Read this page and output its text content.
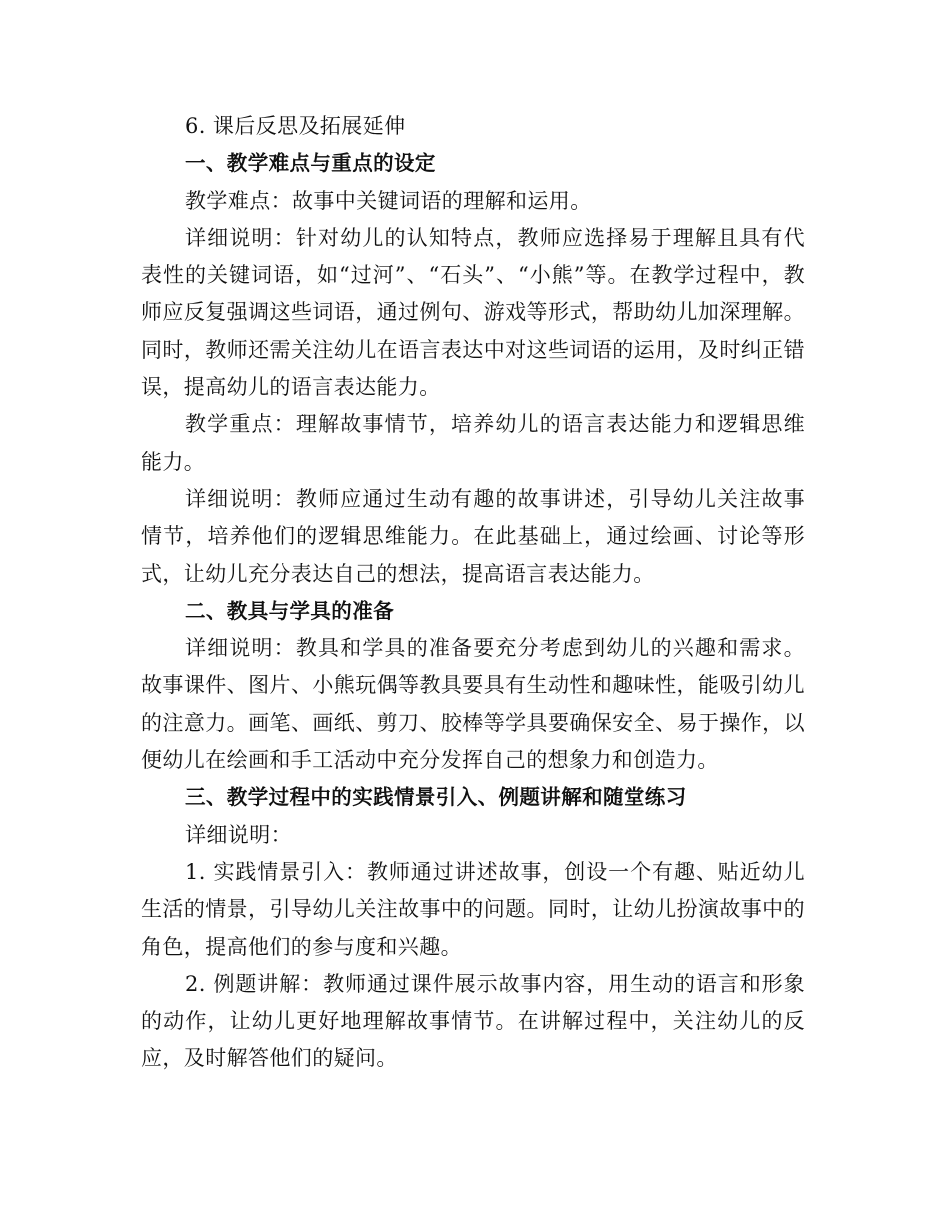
6. 课后反思及拓展延伸

一、教学难点与重点的设定

教学难点：故事中关键词语的理解和运用。

详细说明：针对幼儿的认知特点，教师应选择易于理解且具有代表性的关键词语，如“过河”、“石头”、“小熊”等。在教学过程中，教师应反复强调这些词语，通过例句、游戏等形式，帮助幼儿加深理解。同时，教师还需关注幼儿在语言表达中对这些词语的运用，及时纠正错误，提高幼儿的语言表达能力。

教学重点：理解故事情节，培养幼儿的语言表达能力和逻辑思维能力。

详细说明：教师应通过生动有趣的故事讲述，引导幼儿关注故事情节，培养他们的逻辑思维能力。在此基础上，通过绘画、讨论等形式，让幼儿充分表达自己的想法，提高语言表达能力。

二、教具与学具的准备

详细说明：教具和学具的准备要充分考虑到幼儿的兴趣和需求。故事课件、图片、小熊玩偶等教具要具有生动性和趣味性，能吸引幼儿的注意力。画笔、画纸、剪刀、胶棒等学具要确保安全、易于操作，以便幼儿在绘画和手工活动中充分发挥自己的想象力和创造力。

三、教学过程中的实践情景引入、例题讲解和随堂练习

详细说明：

1. 实践情景引入：教师通过讲述故事，创设一个有趣、贴近幼儿生活的情景，引导幼儿关注故事中的问题。同时，让幼儿扮演故事中的角色，提高他们的参与度和兴趣。

2. 例题讲解：教师通过课件展示故事内容，用生动的语言和形象的动作，让幼儿更好地理解故事情节。在讲解过程中，关注幼儿的反应，及时解答他们的疑问。
